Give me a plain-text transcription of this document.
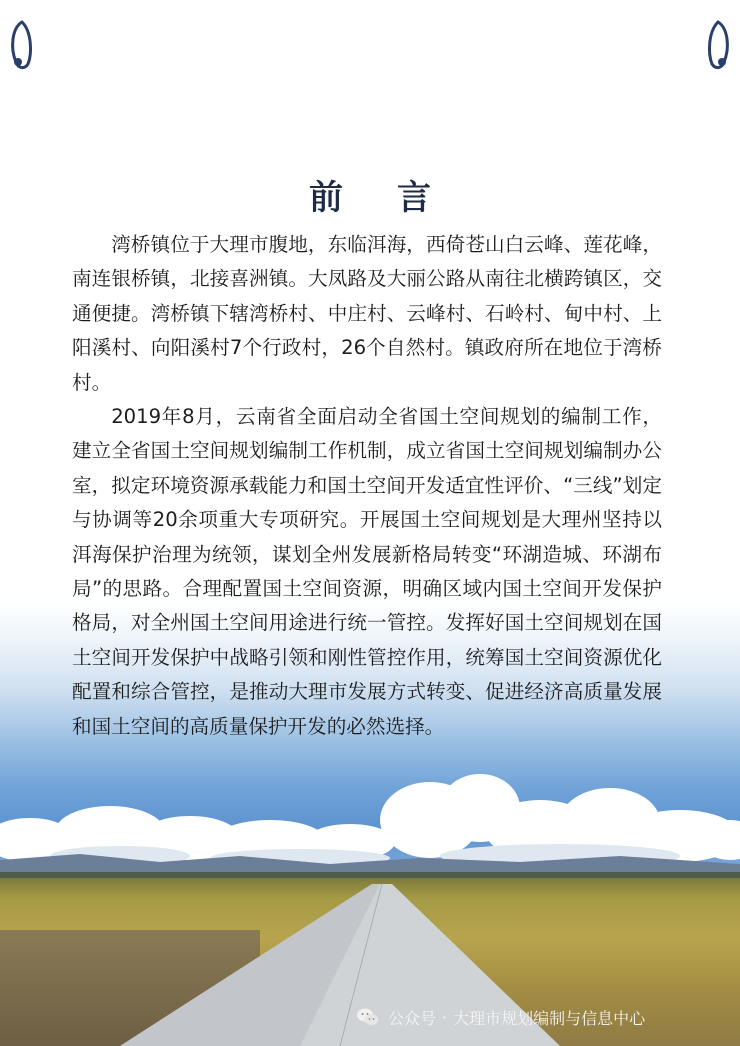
前言

湾桥镇位于大理市腹地，东临洱海，西倚苍山白云峰、莲花峰，南连银桥镇，北接喜洲镇。大凤路及大丽公路从南往北横跨镇区，交通便捷。湾桥镇下辖湾桥村、中庄村、云峰村、石岭村、甸中村、上阳溪村、向阳溪村7个行政村，26个自然村。镇政府所在地位于湾桥村。

2019年8月，云南省全面启动全省国土空间规划的编制工作，建立全省国土空间规划编制工作机制，成立省国土空间规划编制办公室，拟定环境资源承载能力和国土空间开发适宜性评价、“三线”划定与协调等20余项重大专项研究。开展国土空间规划是大理州坚持以洱海保护治理为统领，谋划全州发展新格局转变“环湖造城、环湖布局”的思路。合理配置国土空间资源，明确区域内国土空间开发保护格局，对全州国土空间用途进行统一管控。发挥好国土空间规划在国土空间开发保护中战略引领和刚性管控作用，统筹国土空间资源优化配置和综合管控，是推动大理市发展方式转变、促进经济高质量发展和国土空间的高质量保护开发的必然选择。

公众号 · 大理市规划编制与信息中心
